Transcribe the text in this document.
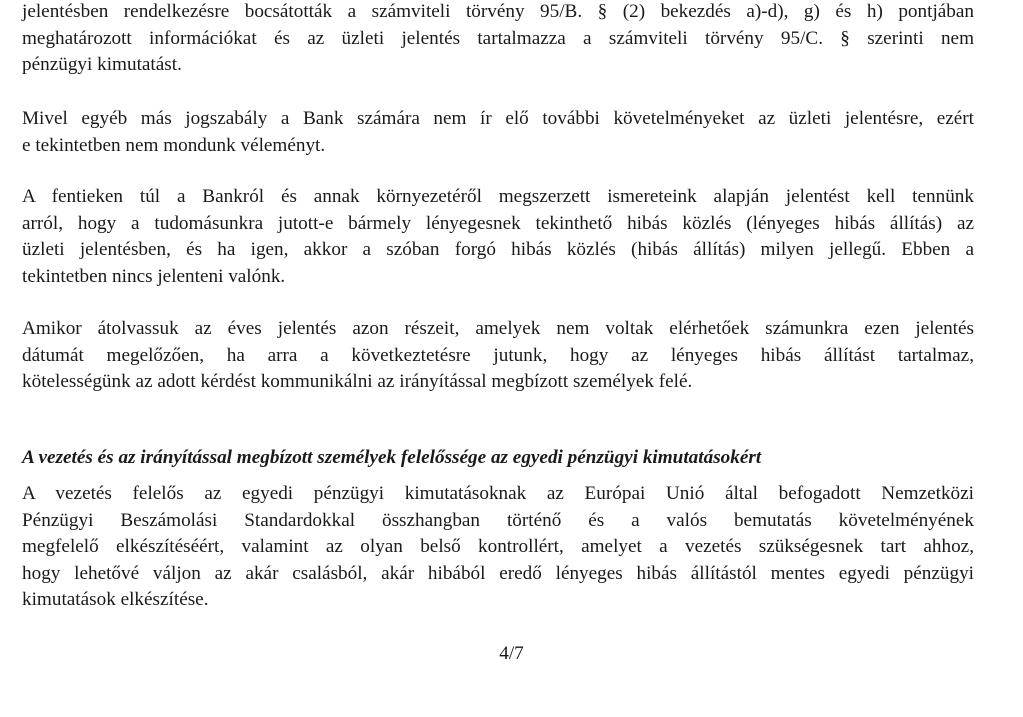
jelentésben rendelkezésre bocsátották a számviteli törvény 95/B. § (2) bekezdés a)-d), g) és h) pontjában
meghatározott információkat és az üzleti jelentés tartalmazza a számviteli törvény 95/C. § szerinti nem
pénzügyi kimutatást.

Mivel egyéb más jogszabály a Bank számára nem ír elő további követelményeket az üzleti jelentésre, ezért
e tekintetben nem mondunk véleményt.

A fentieken túl a Bankról és annak környezetéről megszerzett ismereteink alapján jelentést kell tennünk
arról, hogy a tudomásunkra jutott-e bármely lényegesnek tekinthető hibás közlés (lényeges hibás állítás) az
üzleti jelentésben, és ha igen, akkor a szóban forgó hibás közlés (hibás állítás) milyen jellegű. Ebben a
tekintetben nincs jelenteni valónk.

Amikor átolvassuk az éves jelentés azon részeit, amelyek nem voltak elérhetőek számunkra ezen jelentés
dátumát megelőzően, ha arra a következtetésre jutunk, hogy az lényeges hibás állítást tartalmaz,
kötelességünk az adott kérdést kommunikálni az irányítással megbízott személyek felé.

A vezetés és az irányítással megbízott személyek felelőssége az egyedi pénzügyi kimutatásokért

A vezetés felelős az egyedi pénzügyi kimutatásoknak az Európai Unió által befogadott Nemzetközi
Pénzügyi Beszámolási Standardokkal összhangban történő és a valós bemutatás követelményének
megfelelő elkészítéséért, valamint az olyan belső kontrollért, amelyet a vezetés szükségesnek tart ahhoz,
hogy lehetővé váljon az akár csalásból, akár hibából eredő lényeges hibás állítástól mentes egyedi pénzügyi
kimutatások elkészítése.

4/7
